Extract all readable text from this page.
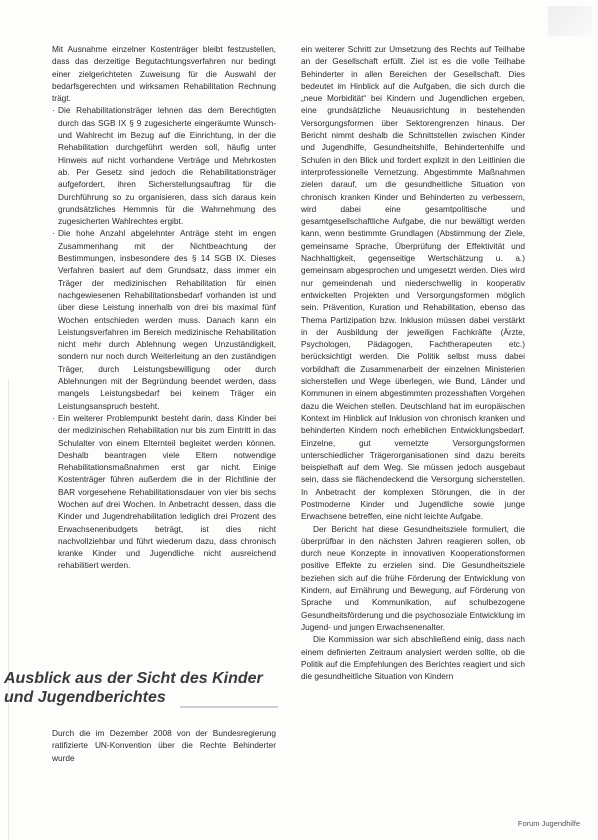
Mit Ausnahme einzelner Kostenträger bleibt festzustellen, dass das derzeitige Begutachtungsverfahren nur bedingt einer zielgerichteten Zuweisung für die Auswahl der bedarfsgerechten und wirksamen Rehabilitation Rechnung trägt.

· Die Rehabilitationsträger lehnen das dem Berechtigten durch das SGB IX § 9 zugesicherte eingeräumte Wunsch- und Wahlrecht im Bezug auf die Einrichtung, in der die Rehabilitation durchgeführt werden soll, häufig unter Hinweis auf nicht vorhandene Verträge und Mehrkosten ab. Per Gesetz sind jedoch die Rehabilitationsträger aufgefordert, ihren Sicherstellungsauftrag für die Durchführung so zu organisieren, dass sich daraus kein grundsätzliches Hemmnis für die Wahrnehmung des zugesicherten Wahlrechtes ergibt.
· Die hohe Anzahl abgelehnter Anträge steht im engen Zusammenhang mit der Nichtbeachtung der Bestimmungen, insbesondere des § 14 SGB IX. Dieses Verfahren basiert auf dem Grundsatz, dass immer ein Träger der medizinischen Rehabilitation für einen nachgewiesenen Rehabilitationsbedarf vorhanden ist und über diese Leistung innerhalb von drei bis maximal fünf Wochen entschieden werden muss. Danach kann ein Leistungsverfahren im Bereich medizinische Rehabilitation nicht mehr durch Ablehnung wegen Unzuständigkeit, sondern nur noch durch Weiterleitung an den zuständigen Träger, durch Leistungsbewilligung oder durch Ablehnungen mit der Begründung beendet werden, dass mangels Leistungsbedarf bei keinem Träger ein Leistungsanspruch besteht.
· Ein weiterer Problempunkt besteht darin, dass Kinder bei der medizinischen Rehabilitation nur bis zum Eintritt in das Schulalter von einem Elternteil begleitet werden können. Deshalb beantragen viele Eltern notwendige Rehabilitationsmaßnahmen erst gar nicht. Einige Kostenträger führen außerdem die in der Richtlinie der BAR vorgesehene Rehabilitationsdauer von vier bis sechs Wochen auf drei Wochen. In Anbetracht dessen, dass die Kinder und Jugendrehabilitation lediglich drei Prozent des Erwachsenenbudgets beträgt, ist dies nicht nachvollziehbar und führt wiederum dazu, dass chronisch kranke Kinder und Jugendliche nicht ausreichend rehabilitiert werden.
Ausblick aus der Sicht des Kinder und Jugendberichtes
Durch die im Dezember 2008 von der Bundesregierung ratifizierte UN-Konvention über die Rechte Behinderter wurde

ein weiterer Schritt zur Umsetzung des Rechts auf Teilhabe an der Gesellschaft erfüllt. Ziel ist es die volle Teilhabe Behinderter in allen Bereichen der Gesellschaft. Dies bedeutet im Hinblick auf die Aufgaben, die sich durch die „neue Morbidität“ bei Kindern und Jugendlichen ergeben, eine grundsätzliche Neuausrichtung in bestehenden Versorgungsformen über Sektorengrenzen hinaus. Der Bericht nimmt deshalb die Schnittstellen zwischen Kinder und Jugendhilfe, Gesundheitshilfe, Behindertenhilfe und Schulen in den Blick und fordert explizit in den Leitlinien die interprofessionelle Vernetzung. Abgestimmte Maßnahmen zielen darauf, um die gesundheitliche Situation von chronisch kranken Kinder und Behinderten zu verbessern, wird dabei eine gesamtpolitische und gesamtgesellschaftliche Aufgabe, die nur bewältigt werden kann, wenn bestimmte Grundlagen (Abstimmung der Ziele, gemeinsame Sprache, Überprüfung der Effektivität und Nachhaltigkeit, gegenseitige Wertschätzung u. a.) gemeinsam abgesprochen und umgesetzt werden. Dies wird nur gemeindenah und niederschwellig in kooperativ entwickelten Projekten und Versorgungsformen möglich sein. Prävention, Kuration und Rehabilitation, ebenso das Thema Partizipation bzw. Inklusion müssen dabei verstärkt in der Ausbildung der jeweiligen Fachkräfte (Ärzte, Psychologen, Pädagogen, Fachtherapeuten etc.) berücksichtigt werden. Die Politik selbst muss dabei vorbildhaft die Zusammenarbeit der einzelnen Ministerien sicherstellen und Wege überlegen, wie Bund, Länder und Kommunen in einem abgestimmten prozesshaften Vorgehen dazu die Weichen stellen. Deutschland hat im europäischen Kontext im Hinblick auf Inklusion von chronisch kranken und behinderten Kindern noch erheblichen Entwicklungsbedarf. Einzelne, gut vernetzte Versorgungsformen unterschiedlicher Trägerorganisationen sind dazu bereits beispielhaft auf dem Weg. Sie müssen jedoch ausgebaut sein, dass sie flächendeckend die Versorgung sicherstellen. In Anbetracht der komplexen Störungen, die in der Postmoderne Kinder und Jugendliche sowie junge Erwachsene betreffen, eine nicht leichte Aufgabe.

Der Bericht hat diese Gesundheitsziele formuliert, die überprüfbar in den nächsten Jahren reagieren sollen, ob durch neue Konzepte in innovativen Kooperationsformen positive Effekte zu erzielen sind. Die Gesundheitsziele beziehen sich auf die frühe Förderung der Entwicklung von Kindern, auf Ernährung und Bewegung, auf Förderung von Sprache und Kommunikation, auf schulbezogene Gesundheitsförderung und die psychosoziale Entwicklung im Jugend- und jungen Erwachsenenalter.

Die Kommission war sich abschließend einig, dass nach einem definierten Zeitraum analysiert werden sollte, ob die Politik auf die Empfehlungen des Berichtes reagiert und sich die gesundheitliche Situation von Kindern

Forum Jugendhilfe
